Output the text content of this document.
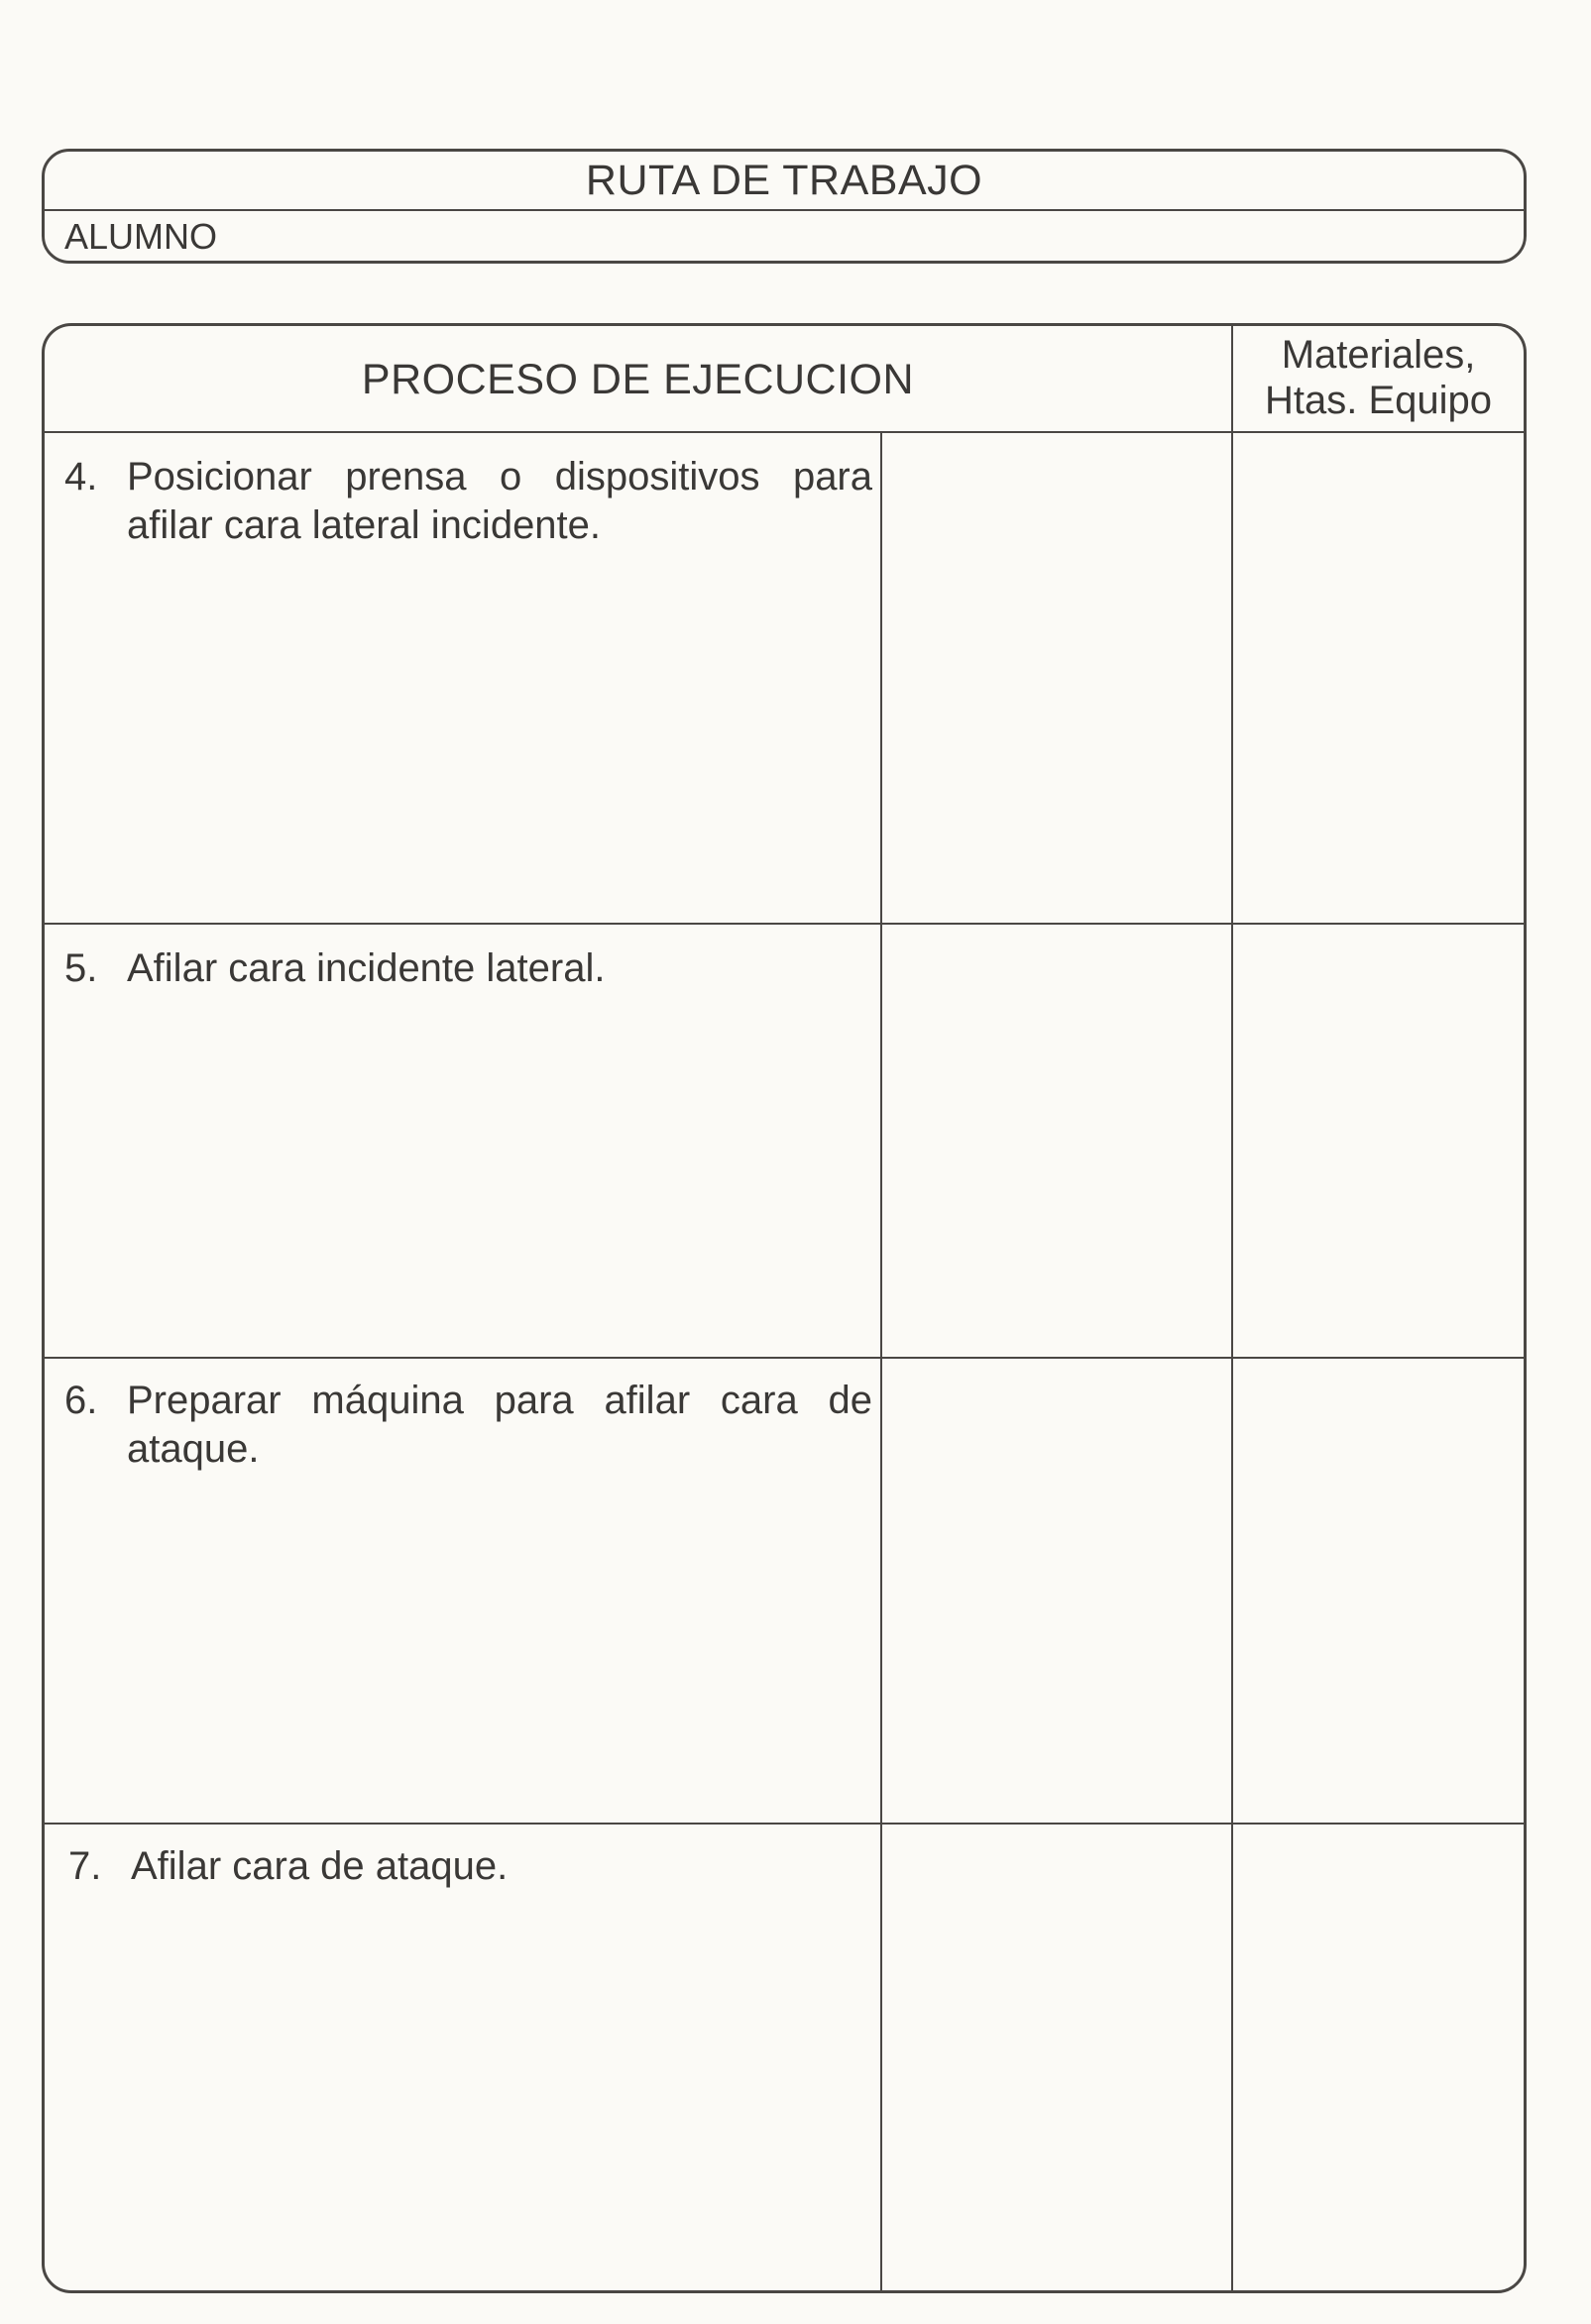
RUTA DE TRABAJO
ALUMNO
PROCESO DE EJECUCION
Materiales,
Htas. Equipo
4. Posicionar prensa o dispositivos para afilar cara lateral incidente.
5. Afilar cara incidente lateral.
6. Preparar máquina para afilar cara de ataque.
7. Afilar cara de ataque.
